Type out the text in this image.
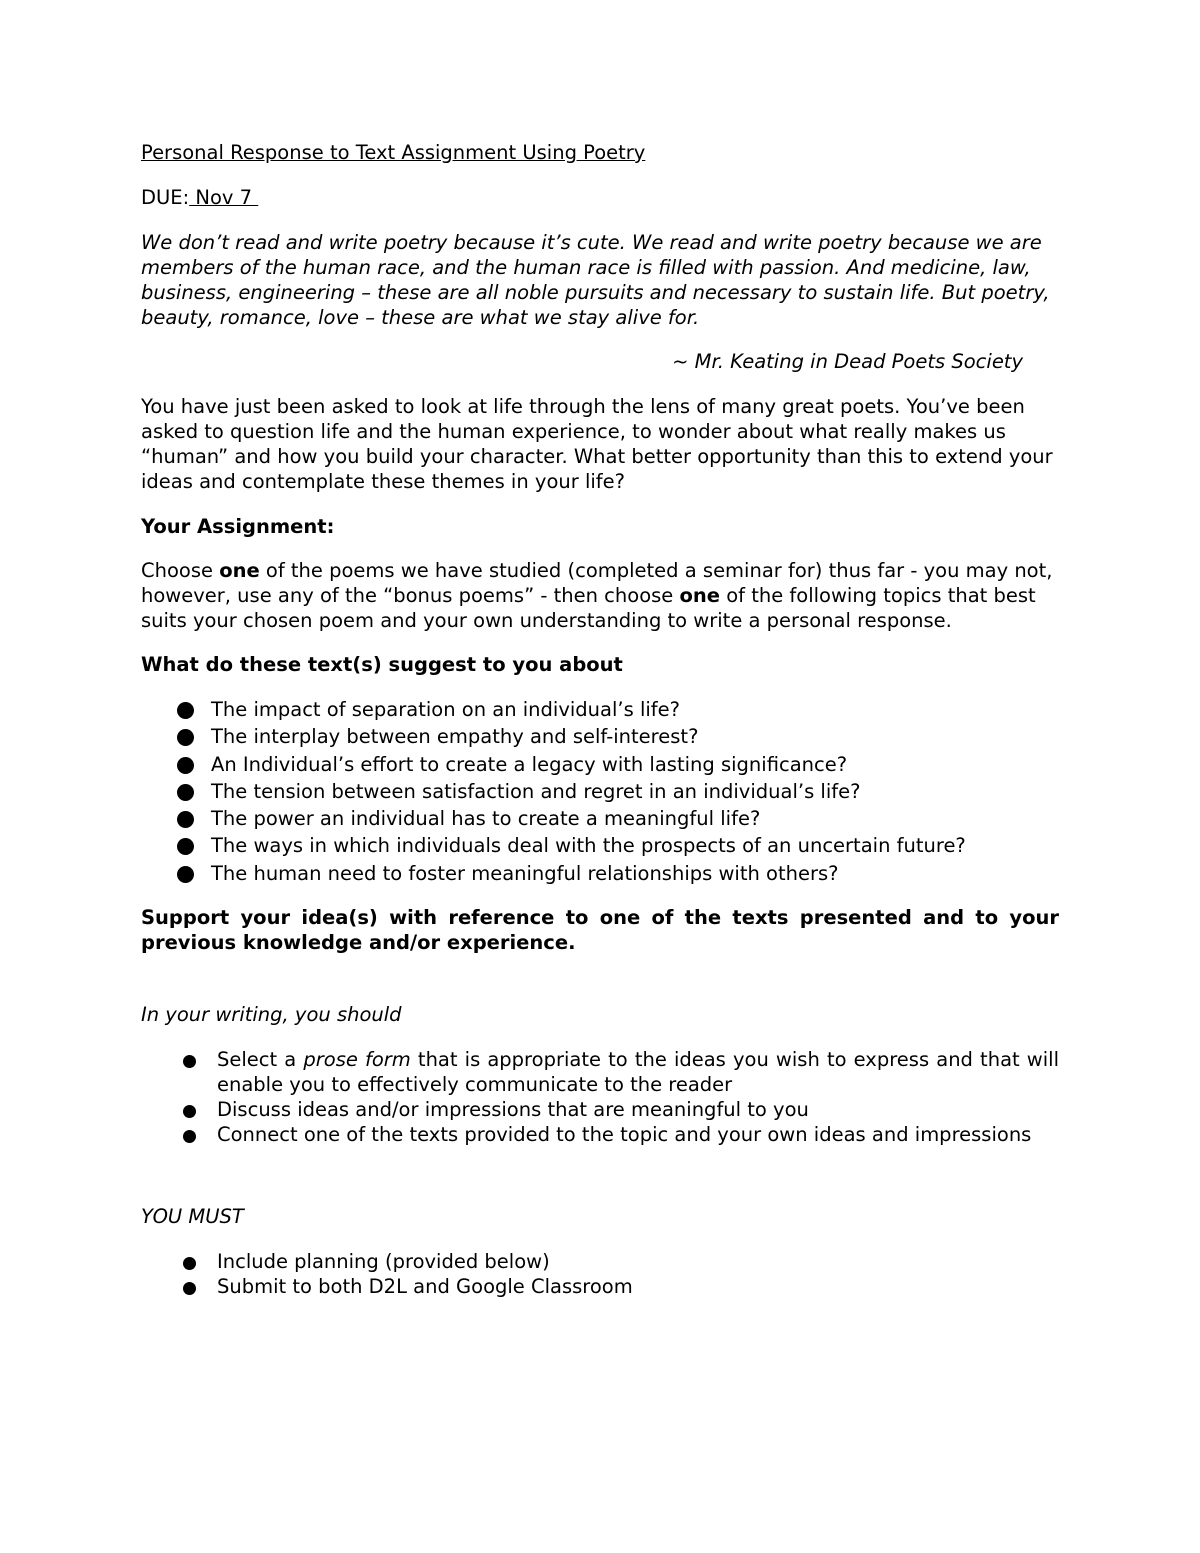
Personal Response to Text Assignment Using Poetry

DUE: Nov 7

We don’t read and write poetry because it’s cute. We read and write poetry because we are members of the human race, and the human race is filled with passion. And medicine, law, business, engineering – these are all noble pursuits and necessary to sustain life. But poetry, beauty, romance, love – these are what we stay alive for.

~ Mr. Keating in Dead Poets Society

You have just been asked to look at life through the lens of many great poets. You’ve been asked to question life and the human experience, to wonder about what really makes us “human” and how you build your character. What better opportunity than this to extend your ideas and contemplate these themes in your life?

Your Assignment:

Choose one of the poems we have studied (completed a seminar for) thus far - you may not, however, use any of the “bonus poems” - then choose one of the following topics that best suits your chosen poem and your own understanding to write a personal response.

What do these text(s) suggest to you about

The impact of separation on an individual’s life?
The interplay between empathy and self-interest?
An Individual’s effort to create a legacy with lasting significance?
The tension between satisfaction and regret in an individual’s life?
The power an individual has to create a meaningful life?
The ways in which individuals deal with the prospects of an uncertain future?
The human need to foster meaningful relationships with others?

Support your idea(s) with reference to one of the texts presented and to your previous knowledge and/or experience.

In your writing, you should

Select a prose form that is appropriate to the ideas you wish to express and that will enable you to effectively communicate to the reader
Discuss ideas and/or impressions that are meaningful to you
Connect one of the texts provided to the topic and your own ideas and impressions

YOU MUST

Include planning (provided below)
Submit to both D2L and Google Classroom
